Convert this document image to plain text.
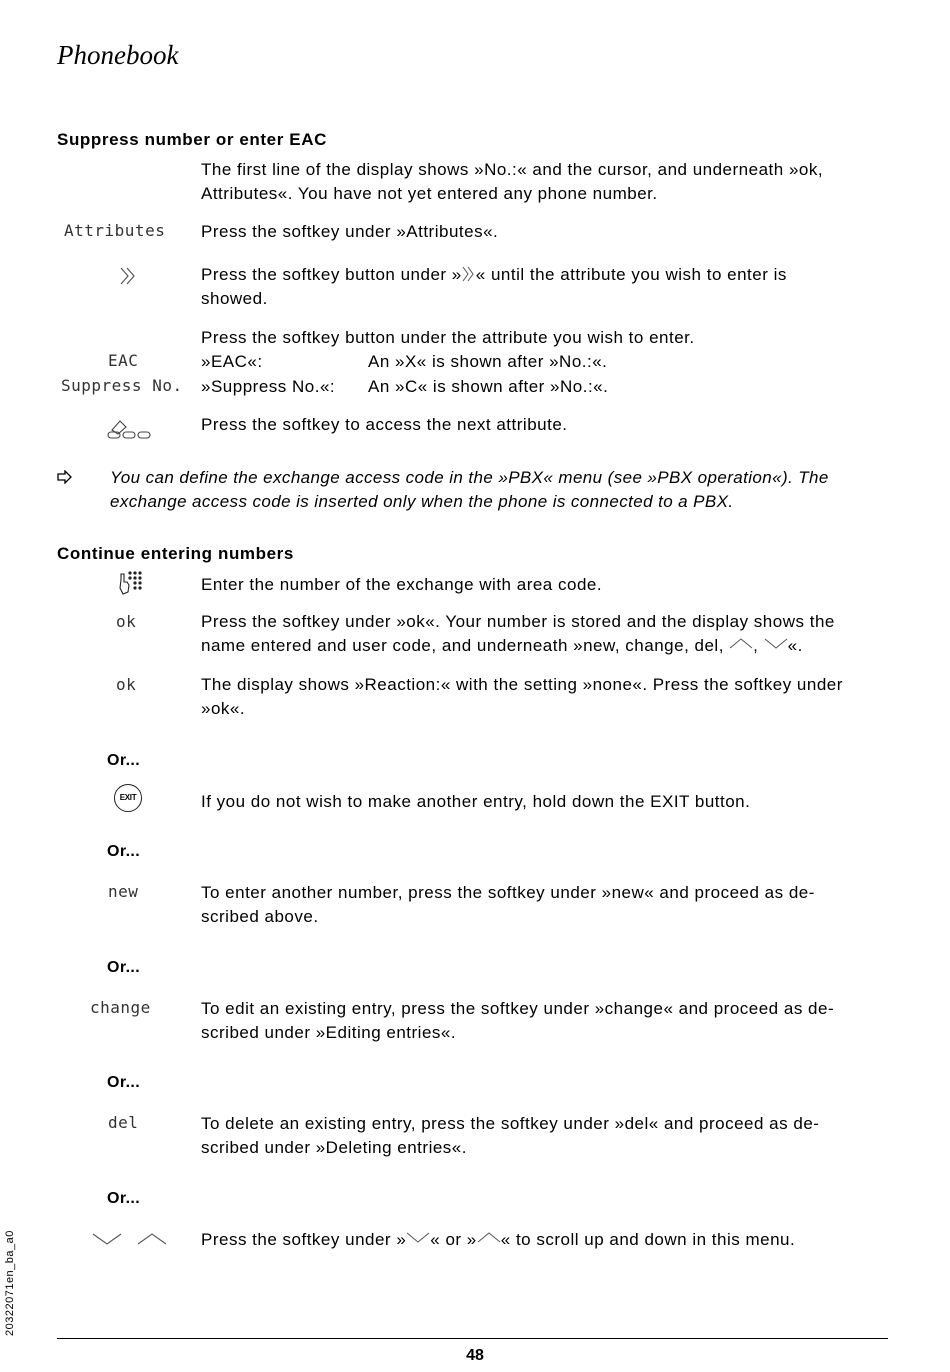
Phonebook
Suppress number or enter EAC
The first line of the display shows »No.:« and the cursor, and underneath »ok,
Attributes«. You have not yet entered any phone number.
Attributes Press the softkey under »Attributes«.
Press the softkey button under » « until the attribute you wish to enter is
showed.
Press the softkey button under the attribute you wish to enter.
EAC	»EAC«:	An »X« is shown after »No.:«.
Suppress No. »Suppress No.«: An »C« is shown after »No.:«.
Press the softkey to access the next attribute.
You can define the exchange access code in the »PBX« menu (see »PBX operation«). The
exchange access code is inserted only when the phone is connected to a PBX.
Continue entering numbers
Enter the number of the exchange with area code.
ok	Press the softkey under »ok«. Your number is stored and the display shows the
name entered and user code, and underneath »new, change, del, , «.
ok	The display shows »Reaction:« with the setting »none«. Press the softkey under
»ok«.
Or...
EXIT	If you do not wish to make another entry, hold down the EXIT button.
Or...
new	To enter another number, press the softkey under »new« and proceed as de-
scribed above.
Or...
change	To edit an existing entry, press the softkey under »change« and proceed as de-
scribed under »Editing entries«.
Or...
del	To delete an existing entry, press the softkey under »del« and proceed as de-
scribed under »Deleting entries«.
Or...
Press the softkey under » « or » « to scroll up and down in this menu.
20322071en_ba_a0
48
